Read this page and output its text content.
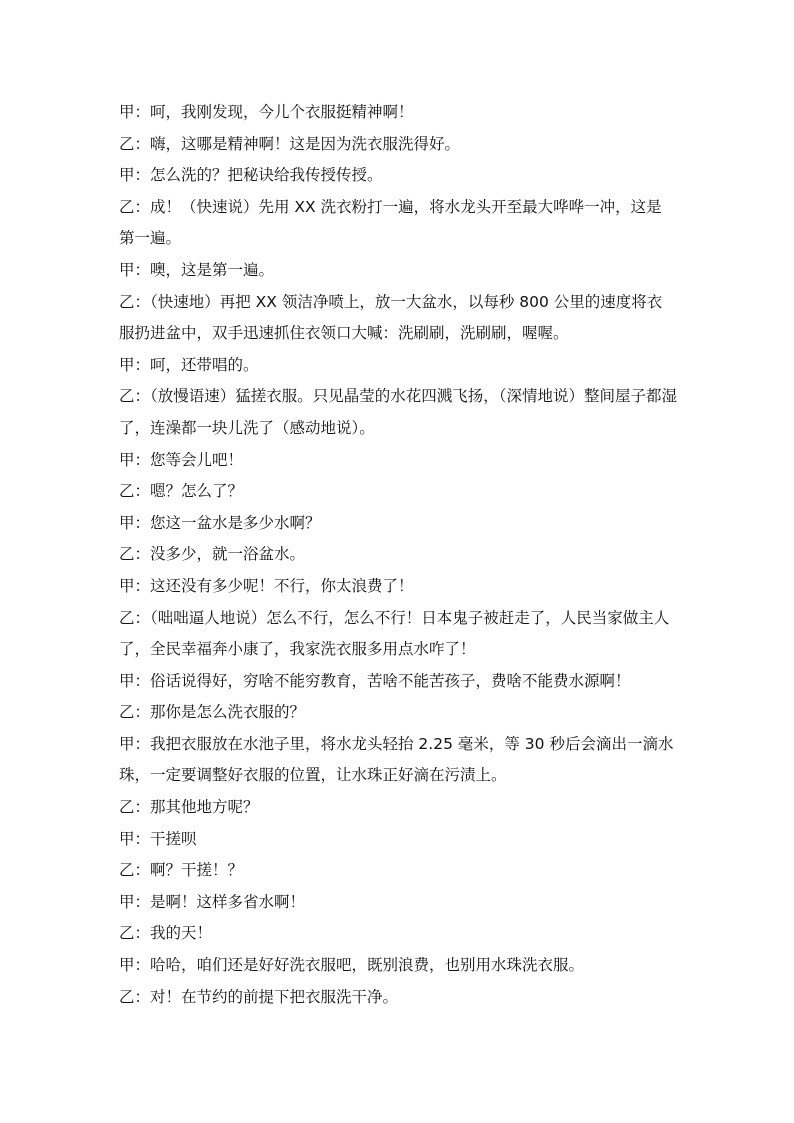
甲：呵，我刚发现，今儿个衣服挺精神啊！

乙：嗨，这哪是精神啊！这是因为洗衣服洗得好。

甲：怎么洗的？把秘诀给我传授传授。

乙：成！（快速说）先用 XX 洗衣粉打一遍，将水龙头开至最大哗哗一冲，这是第一遍。

甲：噢，这是第一遍。

乙：（快速地）再把 XX 领洁净喷上，放一大盆水，以每秒 800 公里的速度将衣服扔进盆中，双手迅速抓住衣领口大喊：洗刷刷，洗刷刷，喔喔。

甲：呵，还带唱的。

乙：（放慢语速）猛搓衣服。只见晶莹的水花四溅飞扬，（深情地说）整间屋子都湿了，连澡都一块儿洗了（感动地说）。

甲：您等会儿吧！

乙：嗯？怎么了？

甲：您这一盆水是多少水啊？

乙：没多少，就一浴盆水。

甲：这还没有多少呢！不行，你太浪费了！

乙：（咄咄逼人地说）怎么不行，怎么不行！日本鬼子被赶走了，人民当家做主人了，全民幸福奔小康了，我家洗衣服多用点水咋了！

甲：俗话说得好，穷啥不能穷教育，苦啥不能苦孩子，费啥不能费水源啊！

乙：那你是怎么洗衣服的？

甲：我把衣服放在水池子里，将水龙头轻抬 2.25 毫米，等 30 秒后会滴出一滴水珠，一定要调整好衣服的位置，让水珠正好滴在污渍上。

乙：那其他地方呢？

甲：干搓呗

乙：啊？干搓！？

甲：是啊！这样多省水啊！

乙：我的天！

甲：哈哈，咱们还是好好洗衣服吧，既别浪费，也别用水珠洗衣服。

乙：对！在节约的前提下把衣服洗干净。
